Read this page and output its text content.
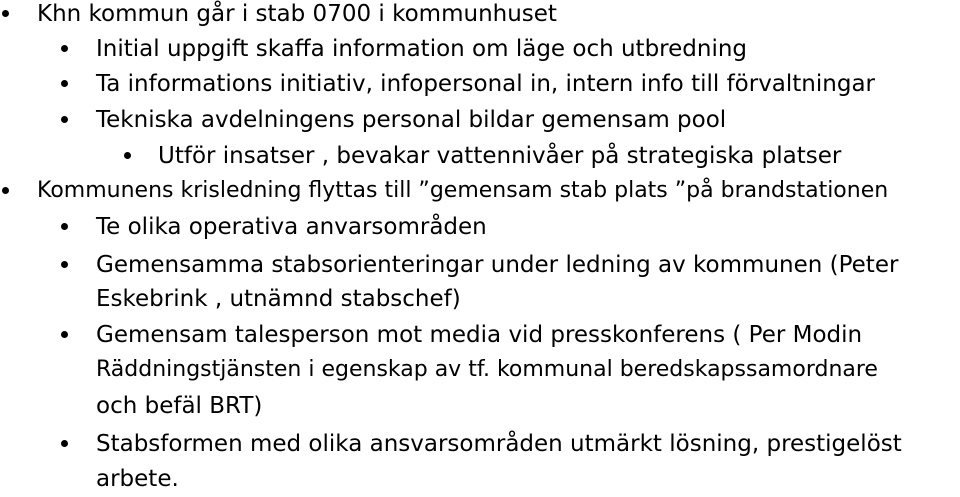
Khn kommun går i stab 0700 i kommunhuset
Initial uppgift skaffa information om läge och utbredning
Ta informations initiativ, infopersonal in, intern info till förvaltningar
Tekniska avdelningens personal bildar gemensam pool
Utför insatser , bevakar vattennivåer på strategiska platser
Kommunens krisledning flyttas till ”gemensam stab plats ”på brandstationen
Te olika operativa anvarsområden
Gemensamma stabsorienteringar under ledning av kommunen (Peter
Eskebrink , utnämnd stabschef)
Gemensam talesperson mot media vid presskonferens ( Per Modin
Räddningstjänsten i egenskap av tf. kommunal beredskapssamordnare
och befäl BRT)
Stabsformen med olika ansvarsområden utmärkt lösning, prestigelöst
arbete.
